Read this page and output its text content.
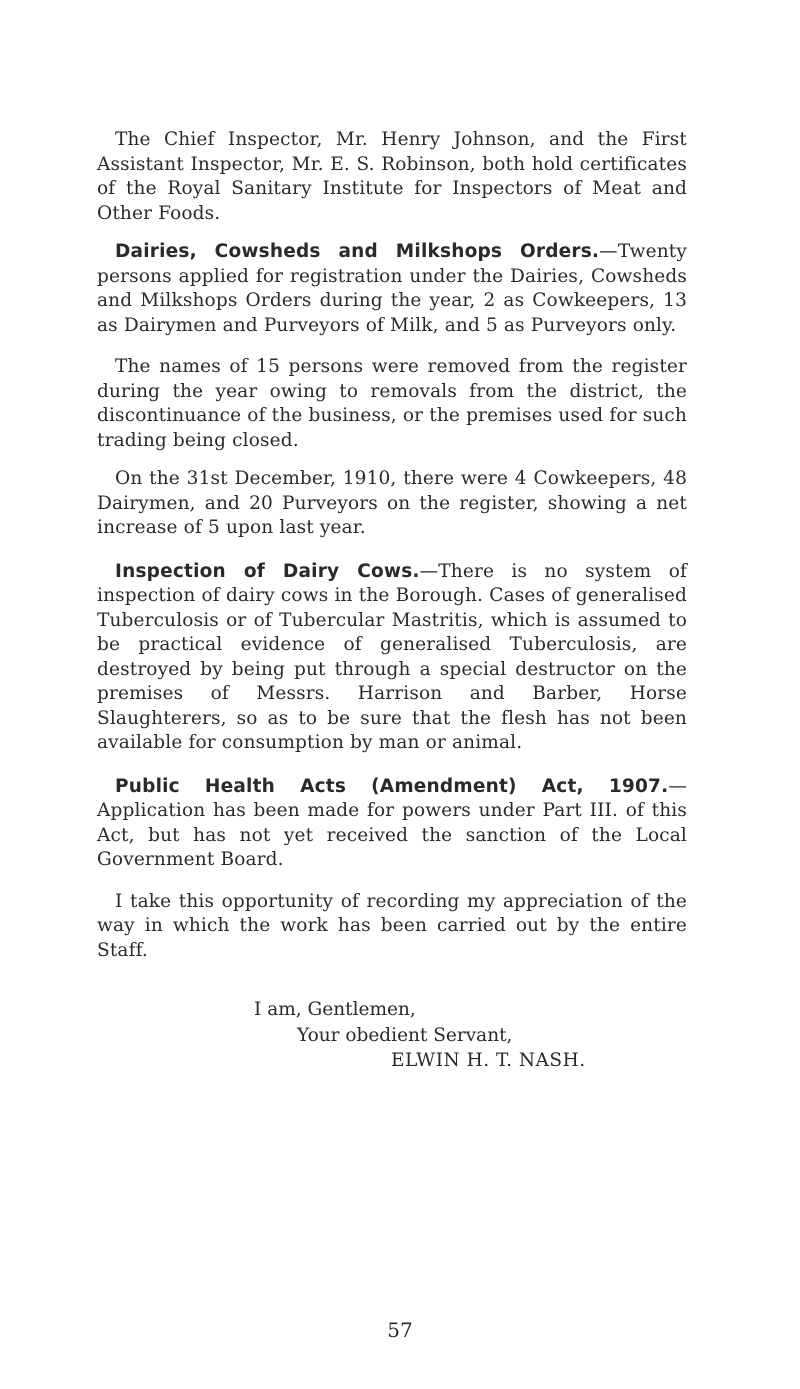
The Chief Inspector, Mr. Henry Johnson, and the First Assistant Inspector, Mr. E. S. Robinson, both hold certificates of the Royal Sanitary Institute for Inspectors of Meat and Other Foods.

Dairies, Cowsheds and Milkshops Orders.—Twenty persons applied for registration under the Dairies, Cowsheds and Milkshops Orders during the year, 2 as Cowkeepers, 13 as Dairymen and Purveyors of Milk, and 5 as Purveyors only.

The names of 15 persons were removed from the register during the year owing to removals from the district, the discontinuance of the business, or the premises used for such trading being closed.

On the 31st December, 1910, there were 4 Cowkeepers, 48 Dairymen, and 20 Purveyors on the register, showing a net increase of 5 upon last year.

Inspection of Dairy Cows.—There is no system of inspection of dairy cows in the Borough. Cases of generalised Tuberculosis or of Tubercular Mastritis, which is assumed to be practical evidence of generalised Tuberculosis, are destroyed by being put through a special destructor on the premises of Messrs. Harrison and Barber, Horse Slaughterers, so as to be sure that the flesh has not been available for consumption by man or animal.

Public Health Acts (Amendment) Act, 1907.—Application has been made for powers under Part III. of this Act, but has not yet received the sanction of the Local Government Board.

I take this opportunity of recording my appreciation of the way in which the work has been carried out by the entire Staff.

I am, Gentlemen,
Your obedient Servant,
ELWIN H. T. NASH.
57
